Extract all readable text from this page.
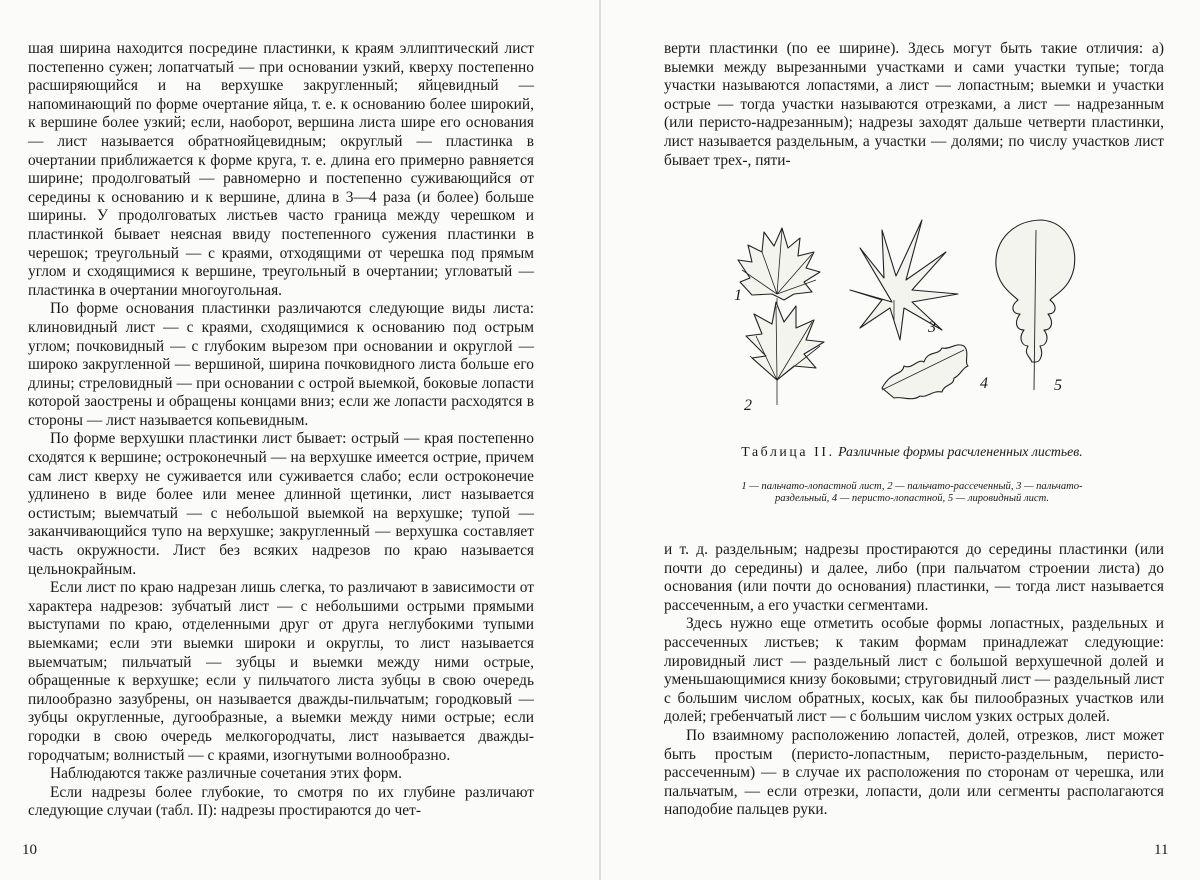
шая ширина находится посредине пластинки, к краям эллиптический лист постепенно сужен; лопатчатый — при основании узкий, кверху постепенно расширяющийся и на верхушке закругленный; яйцевидный — напоминающий по форме очертание яйца, т. е. к основанию более широкий, к вершине более узкий; если, наоборот, вершина листа шире его основания — лист называется обратнояйцевидным; округлый — пластинка в очертании приближается к форме круга, т. е. длина его примерно равняется ширине; продолговатый — равномерно и постепенно суживающийся от середины к основанию и к вершине, длина в 3—4 раза (и более) больше ширины. У продолговатых листьев часто граница между черешком и пластинкой бывает неясная ввиду постепенного сужения пластинки в черешок; треугольный — с краями, отходящими от черешка под прямым углом и сходящимися к вершине, треугольный в очертании; угловатый — пластинка в очертании многоугольная.

По форме основания пластинки различаются следующие виды листа: клиновидный лист — с краями, сходящимися к основанию под острым углом; почковидный — с глубоким вырезом при основании и округлой — широко закругленной — вершиной, ширина почковидного листа больше его длины; стреловидный — при основании с острой выемкой, боковые лопасти которой заострены и обращены концами вниз; если же лопасти расходятся в стороны — лист называется копьевидным.

По форме верхушки пластинки лист бывает: острый — края постепенно сходятся к вершине; остроконечный — на верхушке имеется острие, причем сам лист кверху не суживается или суживается слабо; если остроконечие удлинено в виде более или менее длинной щетинки, лист называется остистым; выемчатый — с небольшой выемкой на верхушке; тупой — заканчивающийся тупо на верхушке; закругленный — верхушка составляет часть окружности. Лист без всяких надрезов по краю называется цельнокрайным.

Если лист по краю надрезан лишь слегка, то различают в зависимости от характера надрезов: зубчатый лист — с небольшими острыми прямыми выступами по краю, отделенными друг от друга неглубокими тупыми выемками; если эти выемки широки и округлы, то лист называется выемчатым; пильчатый — зубцы и выемки между ними острые, обращенные к верхушке; если у пильчатого листа зубцы в свою очередь пилообразно зазубрены, он называется дважды-пильчатым; городковый — зубцы округленные, дугообразные, а выемки между ними острые; если городки в свою очередь мелкогородчаты, лист называется дважды-городчатым; волнистый — с краями, изогнутыми волнообразно.

Наблюдаются также различные сочетания этих форм.

Если надрезы более глубокие, то смотря по их глубине различают следующие случаи (табл. II): надрезы простираются до чет-

10

верти пластинки (по ее ширине). Здесь могут быть такие отличия: а) выемки между вырезанными участками и сами участки тупые; тогда участки называются лопастями, а лист — лопастным; выемки и участки острые — тогда участки называются отрезками, а лист — надрезанным (или перисто-надрезанным); надрезы заходят дальше четверти пластинки, лист называется раздельным, а участки — долями; по числу участков лист бывает трех-, пяти-

1
2
3
4	5
Таблица II. Различные формы расчлененных листьев.
1 — пальчато-лопастной лист, 2 — пальчато-рассеченный, 3 — пальчато-раздельный, 4 — перисто-лопастной, 5 — лировидный лист.

и т. д. раздельным; надрезы простираются до середины пластинки (или почти до середины) и далее, либо (при пальчатом строении листа) до основания (или почти до основания) пластинки, — тогда лист называется рассеченным, а его участки сегментами.

Здесь нужно еще отметить особые формы лопастных, раздельных и рассеченных листьев; к таким формам принадлежат следующие: лировидный лист — раздельный лист с большой верхушечной долей и уменьшающимися книзу боковыми; струговидный лист — раздельный лист с большим числом обратных, косых, как бы пилообразных участков или долей; гребенчатый лист — с большим числом узких острых долей.

По взаимному расположению лопастей, долей, отрезков, лист может быть простым (перисто-лопастным, перисто-раздельным, перисто-рассеченным) — в случае их расположения по сторонам от черешка, или пальчатым, — если отрезки, лопасти, доли или сегменты располагаются наподобие пальцев руки.

11
